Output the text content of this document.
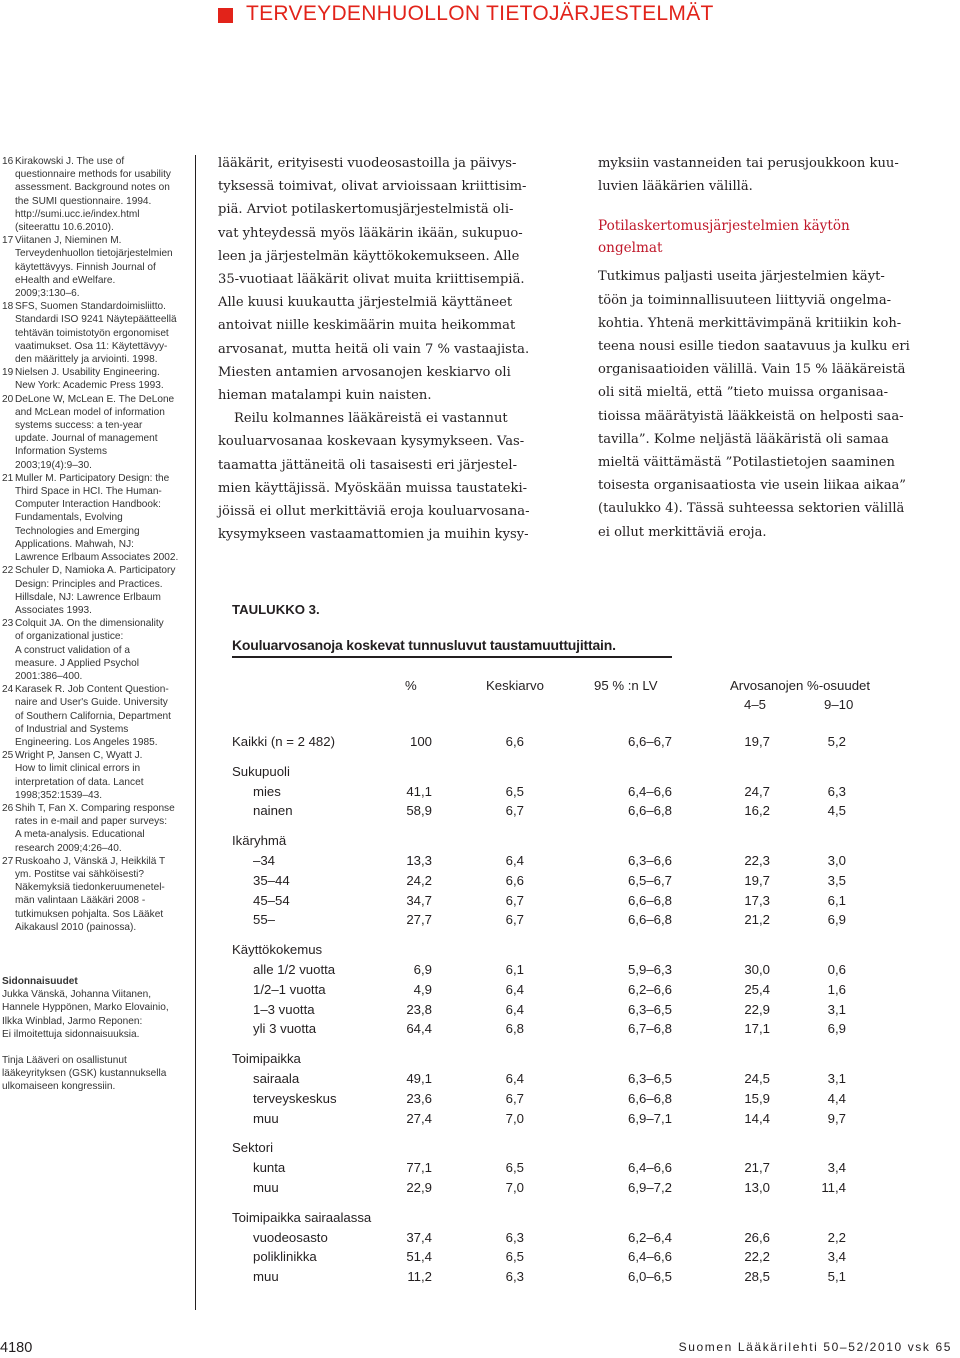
TERVEYDENHUOLLON TIETOJÄRJESTELMÄT
16 Kirakowski J. The use of
questionnaire methods for usability
assessment. Background notes on
the SUMI questionnaire. 1994.
http://sumi.ucc.ie/index.html
(siteerattu 10.6.2010).
17 Viitanen J, Nieminen M.
Terveydenhuollon tietojärjestelmien
käytettävyys. Finnish Journal of
eHealth and eWelfare.
2009;3:130–6.
18 SFS, Suomen Standardoimisliitto.
Standardi ISO 9241 Näytepäätteellä
tehtävän toimistotyön ergonomiset
vaatimukset. Osa 11: Käytettävyy-
den määrittely ja arviointi. 1998.
19 Nielsen J. Usability Engineering.
New York: Academic Press 1993.
20 DeLone W, McLean E. The DeLone
and McLean model of information
systems success: a ten-year
update. Journal of management
Information Systems
2003;19(4):9–30.
21 Muller M. Participatory Design: the
Third Space in HCI. The Human-
Computer Interaction Handbook:
Fundamentals, Evolving
Technologies and Emerging
Applications. Mahwah, NJ:
Lawrence Erlbaum Associates 2002.
22 Schuler D, Namioka A. Participatory
Design: Principles and Practices.
Hillsdale, NJ: Lawrence Erlbaum
Associates 1993.
23 Colquit JA. On the dimensionality
of organizational justice:
A construct validation of a
measure. J Applied Psychol
2001:386–400.
24 Karasek R. Job Content Question-
naire and User's Guide. University
of Southern California, Department
of Industrial and Systems
Engineering. Los Angeles 1985.
25 Wright P, Jansen C, Wyatt J.
How to limit clinical errors in
interpretation of data. Lancet
1998;352:1539–43.
26 Shih T, Fan X. Comparing response
rates in e-mail and paper surveys:
A meta-analysis. Educational
research 2009;4:26–40.
27 Ruskoaho J, Vänskä J, Heikkilä T
ym. Postitse vai sähköisesti?
Näkemyksiä tiedonkeruumenetel-
män valintaan Lääkäri 2008 -
tutkimuksen pohjalta. Sos Lääket
Aikakausl 2010 (painossa).

Sidonnaisuudet

Jukka Vänskä, Johanna Viitanen,
Hannele Hyppönen, Marko Elovainio,
Ilkka Winblad, Jarmo Reponen:
Ei ilmoitettuja sidonnaisuuksia.

Tinja Lääveri on osallistunut
lääkeyrityksen (GSK) kustannuksella
ulkomaiseen kongressiin.

lääkärit, erityisesti vuodeosastoilla ja päivys-
tyksessä toimivat, olivat arvioissaan kriittisim-
piä. Arviot potilaskertomusjärjestelmistä oli-
vat yhteydessä myös lääkärin ikään, sukupuo-
leen ja järjestelmän käyttökokemukseen. Alle
35-vuotiaat lääkärit olivat muita kriittisempiä.
Alle kuusi kuukautta järjestelmiä käyttäneet
antoivat niille keskimäärin muita heikommat
arvosanat, mutta heitä oli vain 7 % vastaajista.
Miesten antamien arvosanojen keskiarvo oli
hieman matalampi kuin naisten.

Reilu kolmannes lääkäreistä ei vastannut
kouluarvosanaa koskevaan kysymykseen. Vas-
taamatta jättäneitä oli tasaisesti eri järjestel-
mien käyttäjissä. Myöskään muissa taustateki-
jöissä ei ollut merkittäviä eroja kouluarvosana-
kysymykseen vastaamattomien ja muihin kysy-

myksiin vastanneiden tai perusjoukkoon kuu-
luvien lääkärien välillä.

Potilaskertomusjärjestelmien käytön
ongelmat

Tutkimus paljasti useita järjestelmien käyt-
töön ja toiminnallisuuteen liittyviä ongelma-
kohtia. Yhtenä merkittävimpänä kritiikin koh-
teena nousi esille tiedon saatavuus ja kulku eri
organisaatioiden välillä. Vain 15 % lääkäreistä
oli sitä mieltä, että ”tieto muissa organisaa-
tioissa määrätyistä lääkkeistä on helposti saa-
tavilla”. Kolme neljästä lääkäristä oli samaa
mieltä väittämästä ”Potilastietojen saaminen
toisesta organisaatiosta vie usein liikaa aikaa”
(taulukko 4). Tässä suhteessa sektorien välillä
ei ollut merkittäviä eroja.

TAULUKKO 3.
Kouluarvosanoja koskevat tunnusluvut taustamuuttujittain.
%	Keskiarvo	95 % :n LV	Arvosanojen %-osuudet
4–5	9–10
Kaikki (n = 2 482)	100	6,6	6,6–6,7	19,7	5,2
Sukupuoli
mies	41,1	6,5	6,4–6,6	24,7	6,3
nainen	58,9	6,7	6,6–6,8	16,2	4,5
Ikäryhmä
–34	13,3	6,4	6,3–6,6	22,3	3,0
35–44	24,2	6,6	6,5–6,7	19,7	3,5
45–54	34,7	6,7	6,6–6,8	17,3	6,1
55–	27,7	6,7	6,6–6,8	21,2	6,9
Käyttökokemus
alle 1/2 vuotta	6,9	6,1	5,9–6,3	30,0	0,6
1/2–1 vuotta	4,9	6,4	6,2–6,6	25,4	1,6
1–3 vuotta	23,8	6,4	6,3–6,5	22,9	3,1
yli 3 vuotta	64,4	6,8	6,7–6,8	17,1	6,9
Toimipaikka
sairaala	49,1	6,4	6,3–6,5	24,5	3,1
terveyskeskus	23,6	6,7	6,6–6,8	15,9	4,4
muu	27,4	7,0	6,9–7,1	14,4	9,7
Sektori
kunta	77,1	6,5	6,4–6,6	21,7	3,4
muu	22,9	7,0	6,9–7,2	13,0	11,4
Toimipaikka sairaalassa
vuodeosasto	37,4	6,3	6,2–6,4	26,6	2,2
poliklinikka	51,4	6,5	6,4–6,6	22,2	3,4
muu	11,2	6,3	6,0–6,5	28,5	5,1
4180	Suomen Lääkärilehti 50–52/2010 vsk 65
